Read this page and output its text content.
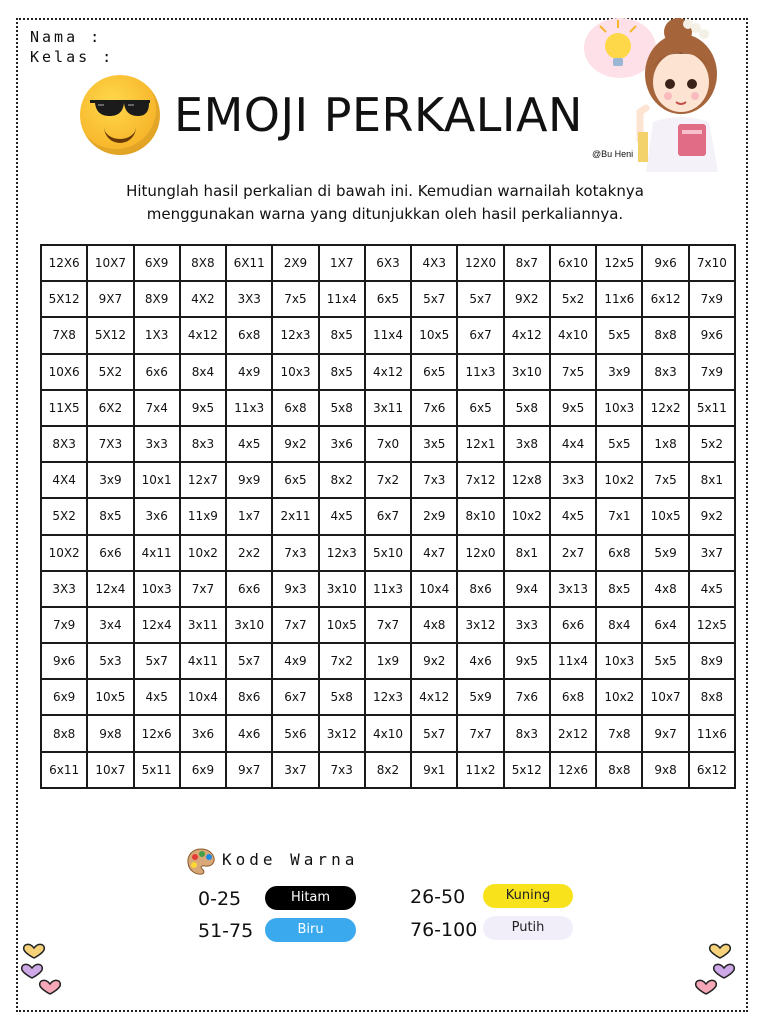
Nama :
Kelas :
EMOJI PERKALIAN
@Bu Heni
Hitunglah hasil perkalian di bawah ini. Kemudian warnailah kotaknya
menggunakan warna yang ditunjukkan oleh hasil perkaliannya.
12X6	10X7	6X9	8X8	6X11	2X9	1X7	6X3	4X3	12X0	8x7	6x10	12x5	9x6	7x10
5X12	9X7	8X9	4X2	3X3	7x5	11x4	6x5	5x7	5x7	9X2	5x2	11x6	6x12	7x9
7X8	5X12	1X3	4x12	6x8	12x3	8x5	11x4	10x5	6x7	4x12	4x10	5x5	8x8	9x6
10X6	5X2	6x6	8x4	4x9	10x3	8x5	4x12	6x5	11x3	3x10	7x5	3x9	8x3	7x9
11X5	6X2	7x4	9x5	11x3	6x8	5x8	3x11	7x6	6x5	5x8	9x5	10x3	12x2	5x11
8X3	7X3	3x3	8x3	4x5	9x2	3x6	7x0	3x5	12x1	3x8	4x4	5x5	1x8	5x2
4X4	3x9	10x1	12x7	9x9	6x5	8x2	7x2	7x3	7x12	12x8	3x3	10x2	7x5	8x1
5X2	8x5	3x6	11x9	1x7	2x11	4x5	6x7	2x9	8x10	10x2	4x5	7x1	10x5	9x2
10X2	6x6	4x11	10x2	2x2	7x3	12x3	5x10	4x7	12x0	8x1	2x7	6x8	5x9	3x7
3X3	12x4	10x3	7x7	6x6	9x3	3x10	11x3	10x4	8x6	9x4	3x13	8x5	4x8	4x5
7x9	3x4	12x4	3x11	3x10	7x7	10x5	7x7	4x8	3x12	3x3	6x6	8x4	6x4	12x5
9x6	5x3	5x7	4x11	5x7	4x9	7x2	1x9	9x2	4x6	9x5	11x4	10x3	5x5	8x9
6x9	10x5	4x5	10x4	8x6	6x7	5x8	12x3	4x12	5x9	7x6	6x8	10x2	10x7	8x8
8x8	9x8	12x6	3x6	4x6	5x6	3x12	4x10	5x7	7x7	8x3	2x12	7x8	9x7	11x6
6x11	10x7	5x11	6x9	9x7	3x7	7x3	8x2	9x1	11x2	5x12	12x6	8x8	9x8	6x12
Kode Warna
0-25	Hitam	26-50	Kuning
51-75	Biru	76-100	Putih
